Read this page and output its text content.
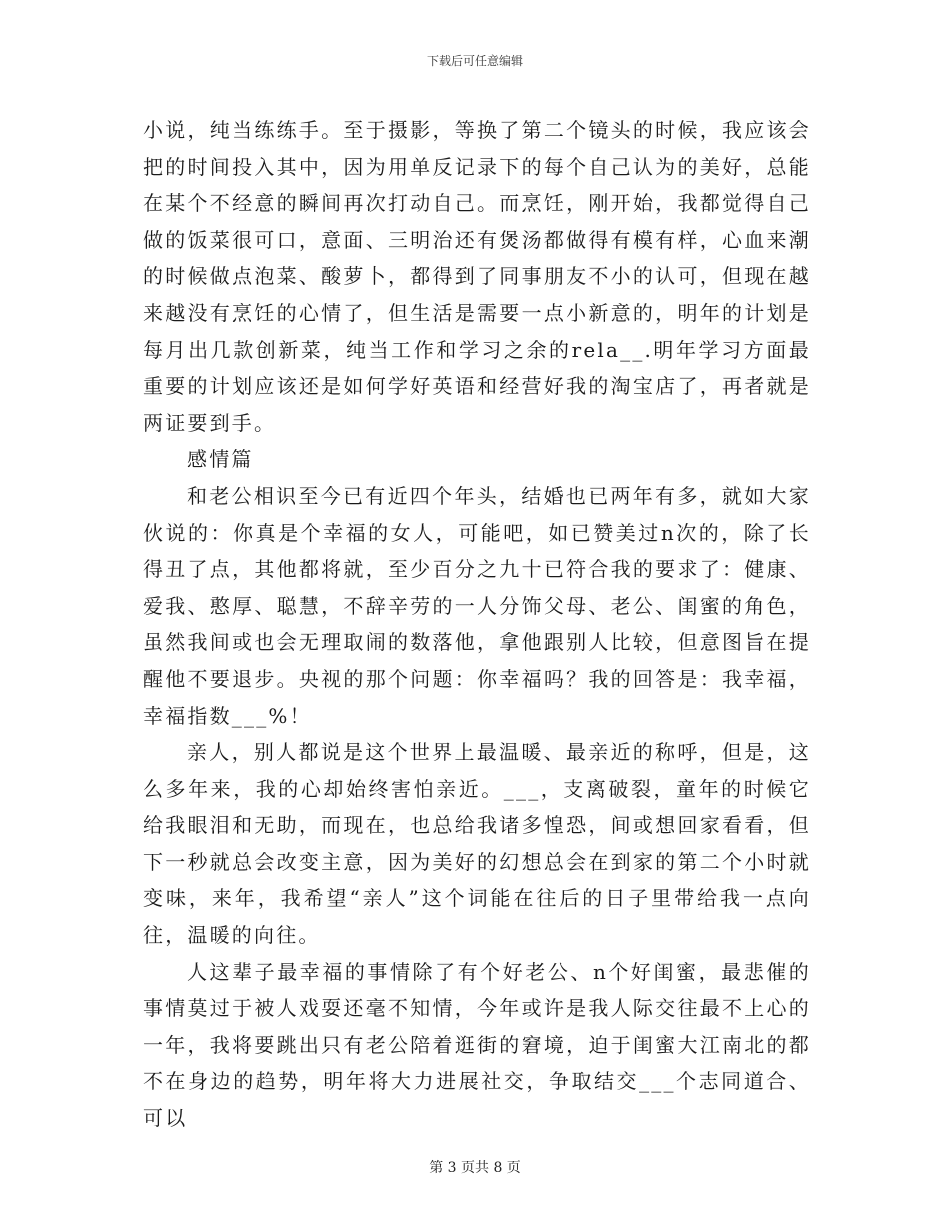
下载后可任意编辑

小说，纯当练练手。至于摄影，等换了第二个镜头的时候，我应该会把的时间投入其中，因为用单反记录下的每个自己认为的美好，总能在某个不经意的瞬间再次打动自己。而烹饪，刚开始，我都觉得自己做的饭菜很可口，意面、三明治还有煲汤都做得有模有样，心血来潮的时候做点泡菜、酸萝卜，都得到了同事朋友不小的认可，但现在越来越没有烹饪的心情了，但生活是需要一点小新意的，明年的计划是每月出几款创新菜，纯当工作和学习之余的rela__.明年学习方面最重要的计划应该还是如何学好英语和经营好我的淘宝店了，再者就是两证要到手。

感情篇

和老公相识至今已有近四个年头，结婚也已两年有多，就如大家伙说的：你真是个幸福的女人，可能吧，如已赞美过n次的，除了长得丑了点，其他都将就，至少百分之九十已符合我的要求了：健康、爱我、憨厚、聪慧，不辞辛劳的一人分饰父母、老公、闺蜜的角色，虽然我间或也会无理取闹的数落他，拿他跟别人比较，但意图旨在提醒他不要退步。央视的那个问题：你幸福吗？我的回答是：我幸福，幸福指数___%！

亲人，别人都说是这个世界上最温暖、最亲近的称呼，但是，这么多年来，我的心却始终害怕亲近。___，支离破裂，童年的时候它给我眼泪和无助，而现在，也总给我诸多惶恐，间或想回家看看，但下一秒就总会改变主意，因为美好的幻想总会在到家的第二个小时就变味，来年，我希望“亲人”这个词能在往后的日子里带给我一点向往，温暖的向往。

人这辈子最幸福的事情除了有个好老公、n个好闺蜜，最悲催的事情莫过于被人戏耍还毫不知情，今年或许是我人际交往最不上心的一年，我将要跳出只有老公陪着逛街的窘境，迫于闺蜜大江南北的都不在身边的趋势，明年将大力进展社交，争取结交___个志同道合、可以

第 3 页共 8 页
